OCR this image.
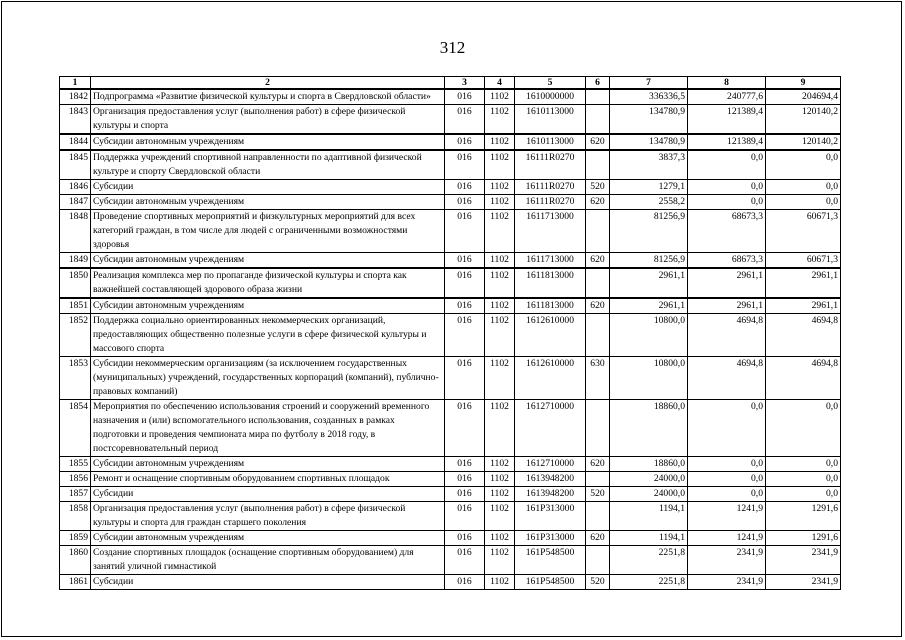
312
1	2	3	4	5	6	7	8	9
1842	Подпрограмма «Развитие физической культуры и спорта в Свердловской области»	016	1102	1610000000		336336,5	240777,6	204694,4
1843	Организация предоставления услуг (выполнения работ) в сфере физической культуры и спорта	016	1102	1610113000		134780,9	121389,4	120140,2
1844	Субсидии автономным учреждениям	016	1102	1610113000	620	134780,9	121389,4	120140,2
1845	Поддержка учреждений спортивной направленности по адаптивной физической культуре и спорту Свердловской области	016	1102	16111R0270		3837,3	0,0	0,0
1846	Субсидии	016	1102	16111R0270	520	1279,1	0,0	0,0
1847	Субсидии автономным учреждениям	016	1102	16111R0270	620	2558,2	0,0	0,0
1848	Проведение спортивных мероприятий и физкультурных мероприятий для всех категорий граждан, в том числе для людей с ограниченными возможностями здоровья	016	1102	1611713000		81256,9	68673,3	60671,3
1849	Субсидии автономным учреждениям	016	1102	1611713000	620	81256,9	68673,3	60671,3
1850	Реализация комплекса мер по пропаганде физической культуры и спорта как важнейшей составляющей здорового образа жизни	016	1102	1611813000		2961,1	2961,1	2961,1
1851	Субсидии автономным учреждениям	016	1102	1611813000	620	2961,1	2961,1	2961,1
1852	Поддержка социально ориентированных некоммерческих организаций, предоставляющих общественно полезные услуги в сфере физической культуры и массового спорта	016	1102	1612610000		10800,0	4694,8	4694,8
1853	Субсидии некоммерческим организациям (за исключением государственных (муниципальных) учреждений, государственных корпораций (компаний), публично-правовых компаний)	016	1102	1612610000	630	10800,0	4694,8	4694,8
1854	Мероприятия по обеспечению использования строений и сооружений временного назначения и (или) вспомогательного использования, созданных в рамках подготовки и проведения чемпионата мира по футболу в 2018 году, в постсоревновательный период	016	1102	1612710000		18860,0	0,0	0,0
1855	Субсидии автономным учреждениям	016	1102	1612710000	620	18860,0	0,0	0,0
1856	Ремонт и оснащение спортивным оборудованием спортивных площадок	016	1102	1613948200		24000,0	0,0	0,0
1857	Субсидии	016	1102	1613948200	520	24000,0	0,0	0,0
1858	Организация предоставления услуг (выполнения работ) в сфере физической культуры и спорта для граждан старшего поколения	016	1102	161P313000		1194,1	1241,9	1291,6
1859	Субсидии автономным учреждениям	016	1102	161P313000	620	1194,1	1241,9	1291,6
1860	Создание спортивных площадок (оснащение спортивным оборудованием) для занятий уличной гимнастикой	016	1102	161P548500		2251,8	2341,9	2341,9
1861	Субсидии	016	1102	161P548500	520	2251,8	2341,9	2341,9
